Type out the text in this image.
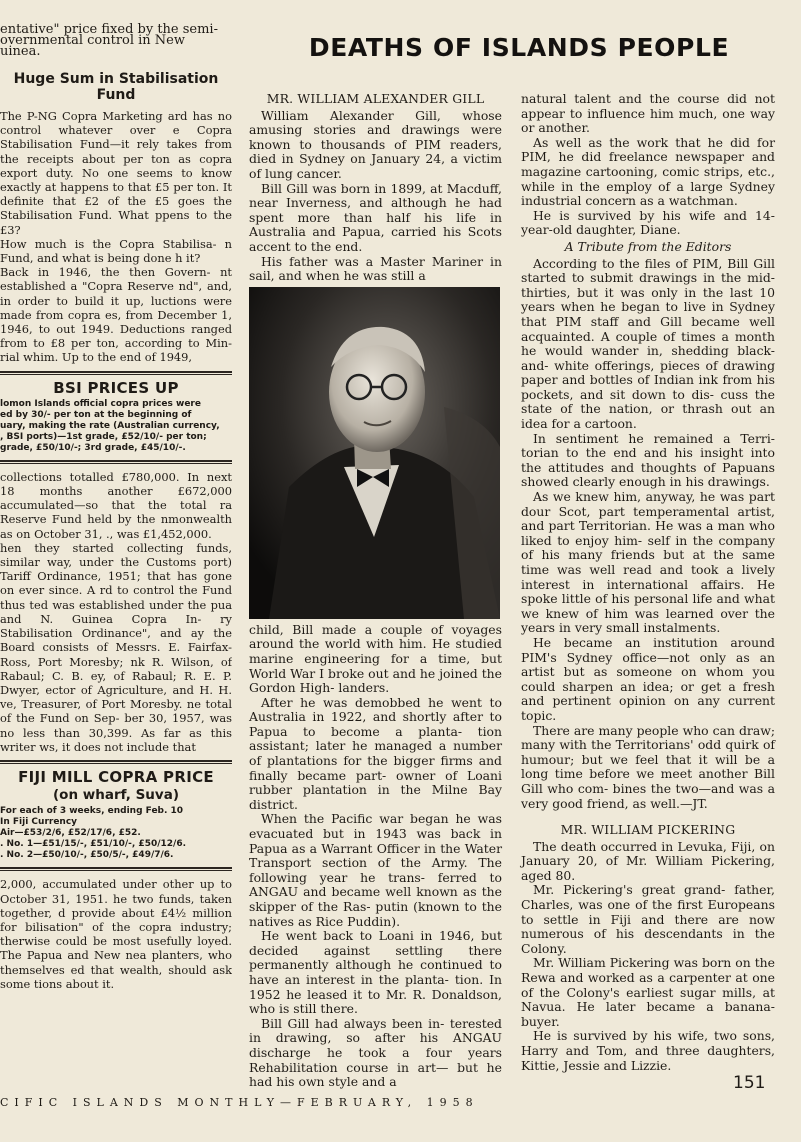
entative" price fixed by the semi-

overnmental control in New

uinea.

Huge Sum in Stabilisation Fund

The P-NG Copra Marketing ard has no control whatever over e Copra Stabilisation Fund—it rely takes from the receipts about per ton as copra export duty. No one seems to know exactly at happens to that £5 per ton. It definite that £2 of the £5 goes the Stabilisation Fund. What ppens to the £3?

How much is the Copra Stabilisa- n Fund, and what is being done h it?

Back in 1946, the then Govern- nt established a "Copra Reserve nd", and, in order to build it up, luctions were made from copra es, from December 1, 1946, to out 1949. Deductions ranged from to £8 per ton, according to Min- rial whim. Up to the end of 1949,

BSI PRICES UP

lomon Islands official copra prices were

ed by 30/- per ton at the beginning of

uary, making the rate (Australian currency,

, BSI ports)—1st grade, £52/10/- per ton;

grade, £50/10/-; 3rd grade, £45/10/-.

collections totalled £780,000. In next 18 months another £672,000 accumulated—so that the total ra Reserve Fund held by the nmonwealth as on October 31, ., was £1,452,000.

hen they started collecting funds, similar way, under the Customs port) Tariff Ordinance, 1951; that has gone on ever since. A rd to control the Fund thus ted was established under the pua and N. Guinea Copra In- ry Stabilisation Ordinance", and ay the Board consists of Messrs. E. Fairfax-Ross, Port Moresby; nk R. Wilson, of Rabaul; C. B. ey, of Rabaul; R. E. P. Dwyer, ector of Agriculture, and H. H. ve, Treasurer, of Port Moresby. ne total of the Fund on Sep- ber 30, 1957, was no less than 30,399. As far as this writer ws, it does not include that

FIJI MILL COPRA PRICE
(on wharf, Suva)

For each of 3 weeks, ending Feb. 10

In Fiji Currency

Air—£53/2/6, £52/17/6, £52.

. No. 1—£51/15/-, £51/10/-, £50/12/6.

. No. 2—£50/10/-, £50/5/-, £49/7/6.

2,000, accumulated under other up to October 31, 1951. he two funds, taken together, d provide about £4½ million for bilisation" of the copra industry; therwise could be most usefully loyed. The Papua and New nea planters, who themselves ed that wealth, should ask some tions about it.

DEATHS OF ISLANDS PEOPLE
MR. WILLIAM ALEXANDER GILL

William Alexander Gill, whose amusing stories and drawings were known to thousands of PIM readers, died in Sydney on January 24, a victim of lung cancer.

Bill Gill was born in 1899, at Macduff, near Inverness, and although he had spent more than half his life in Australia and Papua, carried his Scots accent to the end.

His father was a Master Mariner in sail, and when he was still a

child, Bill made a couple of voyages around the world with him. He studied marine engineering for a time, but World War I broke out and he joined the Gordon High- landers.

After he was demobbed he went to Australia in 1922, and shortly after to Papua to become a planta- tion assistant; later he managed a number of plantations for the bigger firms and finally became part- owner of Loani rubber plantation in the Milne Bay district.

When the Pacific war began he was evacuated but in 1943 was back in Papua as a Warrant Officer in the Water Transport section of the Army. The following year he trans- ferred to ANGAU and became well known as the skipper of the Ras- putin (known to the natives as Rice Puddin).

He went back to Loani in 1946, but decided against settling there permanently although he continued to have an interest in the planta- tion. In 1952 he leased it to Mr. R. Donaldson, who is still there.

Bill Gill had always been in- terested in drawing, so after his ANGAU discharge he took a four years Rehabilitation course in art— but he had his own style and a

natural talent and the course did not appear to influence him much, one way or another.

As well as the work that he did for PIM, he did freelance newspaper and magazine cartooning, comic strips, etc., while in the employ of a large Sydney industrial concern as a watchman.

He is survived by his wife and 14-year-old daughter, Diane.

A Tribute from the Editors

According to the files of PIM, Bill Gill started to submit drawings in the mid-thirties, but it was only in the last 10 years when he began to live in Sydney that PIM staff and Gill became well acquainted. A couple of times a month he would wander in, shedding black-and- white offerings, pieces of drawing paper and bottles of Indian ink from his pockets, and sit down to dis- cuss the state of the nation, or thrash out an idea for a cartoon.

In sentiment he remained a Terri- torian to the end and his insight into the attitudes and thoughts of Papuans showed clearly enough in his drawings.

As we knew him, anyway, he was part dour Scot, part temperamental artist, and part Territorian. He was a man who liked to enjoy him- self in the company of his many friends but at the same time was well read and took a lively interest in international affairs. He spoke little of his personal life and what we knew of him was learned over the years in very small instalments.

He became an institution around PIM's Sydney office—not only as an artist but as someone on whom you could sharpen an idea; or get a fresh and pertinent opinion on any current topic.

There are many people who can draw; many with the Territorians' odd quirk of humour; but we feel that it will be a long time before we meet another Bill Gill who com- bines the two—and was a very good friend, as well.—JT.

MR. WILLIAM PICKERING

The death occurred in Levuka, Fiji, on January 20, of Mr. William Pickering, aged 80.

Mr. Pickering's great grand- father, Charles, was one of the first Europeans to settle in Fiji and there are now numerous of his descendants in the Colony.

Mr. William Pickering was born on the Rewa and worked as a carpenter at one of the Colony's earliest sugar mills, at Navua. He later became a banana-buyer.

He is survived by his wife, two sons, Harry and Tom, and three daughters, Kittie, Jessie and Lizzie.

CIFIC ISLANDS MONTHLY—FEBRUARY, 1958
151
